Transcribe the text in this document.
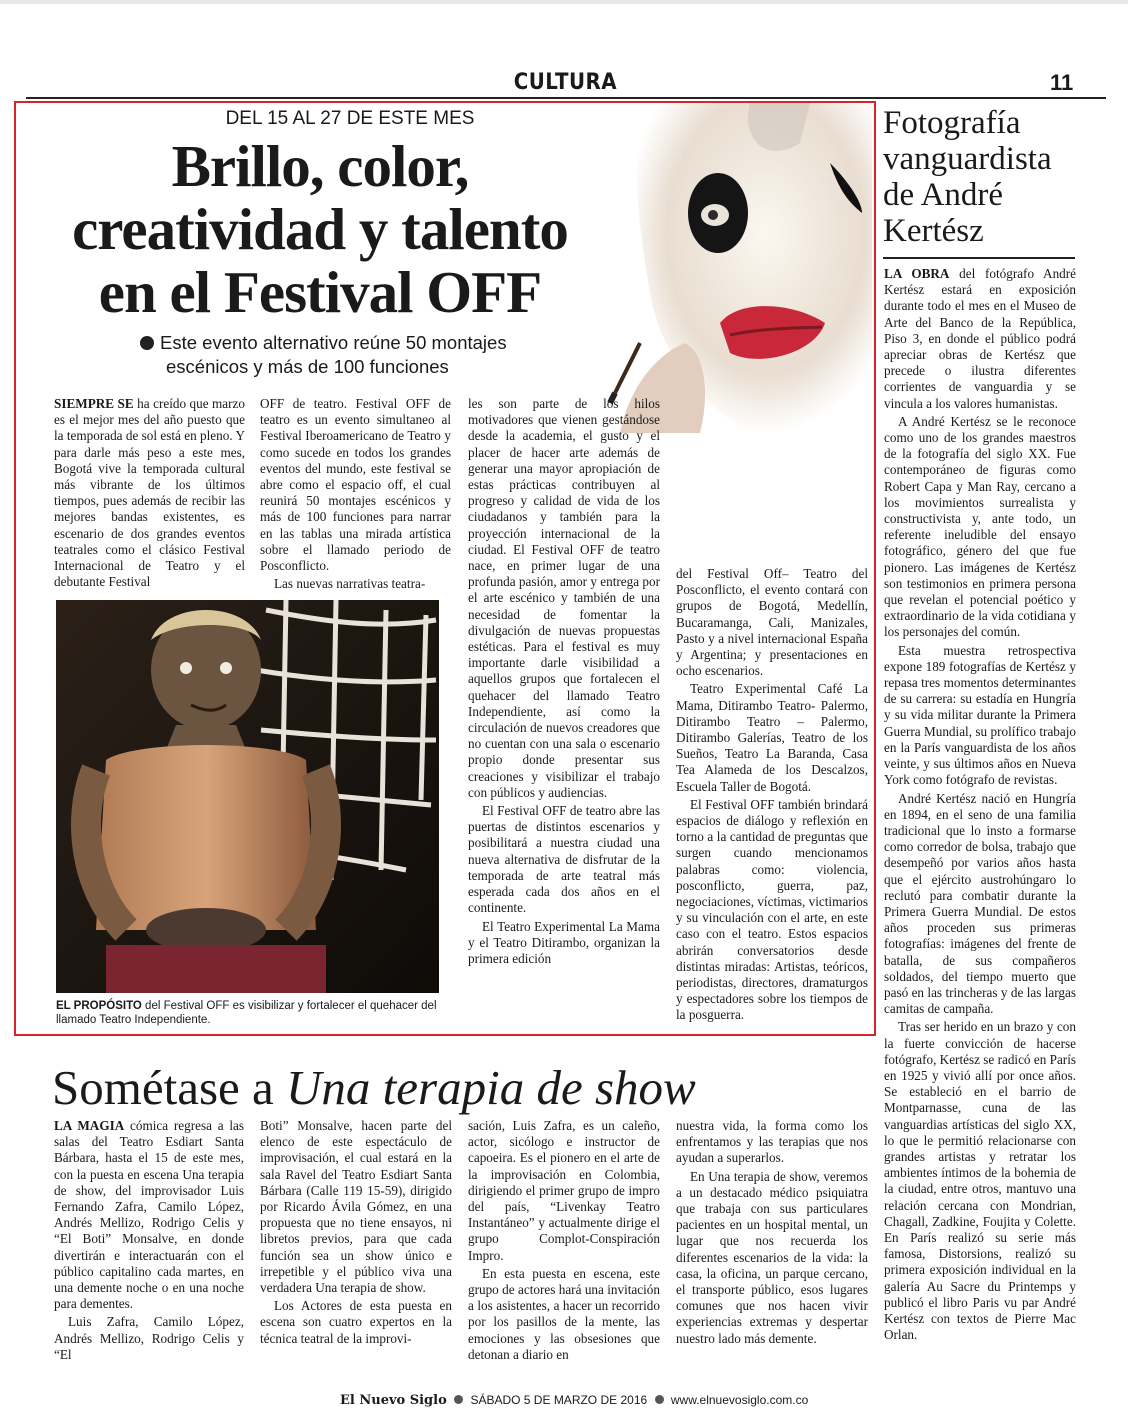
CULTURA	11
DEL 15 AL 27 DE ESTE MES
Brillo, color,
creatividad y talento
en el Festival OFF
Este evento alternativo reúne 50 montajes
escénicos y más de 100 funciones

SIEMPRE SE ha creído que marzo es el mejor mes del año puesto que la temporada de sol está en pleno. Y para darle más peso a este mes, Bogotá vive la temporada cultural más vibrante de los últimos tiempos, pues además de recibir las mejores bandas existentes, es escenario de dos grandes eventos teatrales como el clásico Festival Internacional de Teatro y el debutante Festival

OFF de teatro. Festival OFF de teatro es un evento simultaneo al Festival Iberoamericano de Teatro y como sucede en todos los grandes eventos del mundo, este festival se abre como el espacio off, el cual reunirá 50 montajes escénicos y más de 100 funciones para narrar en las tablas una mirada artística sobre el llamado periodo de Posconflicto.

Las nuevas narrativas teatra-

les son parte de los hilos motivadores que vienen gestándose desde la academia, el gusto y el placer de hacer arte además de generar una mayor apropiación de estas prácticas contribuyen al progreso y calidad de vida de los ciudadanos y también para la proyección internacional de la ciudad. El Festival OFF de teatro nace, en primer lugar de una profunda pasión, amor y entrega por el arte escénico y también de una necesidad de fomentar la divulgación de nuevas propuestas estéticas. Para el festival es muy importante darle visibilidad a aquellos grupos que fortalecen el quehacer del llamado Teatro Independiente, así como la circulación de nuevos creadores que no cuentan con una sala o escenario propio donde presentar sus creaciones y visibilizar el trabajo con públicos y audiencias.

El Festival OFF de teatro abre las puertas de distintos escenarios y posibilitará a nuestra ciudad una nueva alternativa de disfrutar de la temporada de arte teatral más esperada cada dos años en el continente.

El Teatro Experimental La Mama y el Teatro Ditirambo, organizan la primera edición

del Festival Off– Teatro del Posconflicto, el evento contará con grupos de Bogotá, Medellín, Bucaramanga, Cali, Manizales, Pasto y a nivel internacional España y Argentina; y presentaciones en ocho escenarios.

Teatro Experimental Café La Mama, Ditirambo Teatro- Palermo, Ditirambo Teatro – Palermo, Ditirambo Galerías, Teatro de los Sueños, Teatro La Baranda, Casa Tea Alameda de los Descalzos, Escuela Taller de Bogotá.

El Festival OFF también brindará espacios de diálogo y reflexión en torno a la cantidad de preguntas que surgen cuando mencionamos palabras como: violencia, posconflicto, guerra, paz, negociaciones, víctimas, victimarios y su vinculación con el arte, en este caso con el teatro. Estos espacios abrirán conversatorios desde distintas miradas: Artistas, teóricos, periodistas, directores, dramaturgos y espectadores sobre los tiempos de la posguerra.

EL PROPÓSITO del Festival OFF es visibilizar y fortalecer el quehacer del llamado Teatro Independiente.
Fotografía
vanguardista
de André
Kertész

LA OBRA del fotógrafo André Kertész estará en exposición durante todo el mes en el Museo de Arte del Banco de la República, Piso 3, en donde el público podrá apreciar obras de Kertész que precede o ilustra diferentes corrientes de vanguardia y se vincula a los valores humanistas.

A André Kertész se le reconoce como uno de los grandes maestros de la fotografía del siglo XX. Fue contemporáneo de figuras como Robert Capa y Man Ray, cercano a los movimientos surrealista y constructivista y, ante todo, un referente ineludible del ensayo fotográfico, género del que fue pionero. Las imágenes de Kertész son testimonios en primera persona que revelan el potencial poético y extraordinario de la vida cotidiana y los personajes del común.

Esta muestra retrospectiva expone 189 fotografías de Kertész y repasa tres momentos determinantes de su carrera: su estadía en Hungría y su vida militar durante la Primera Guerra Mundial, su prolífico trabajo en la París vanguardista de los años veinte, y sus últimos años en Nueva York como fotógrafo de revistas.

André Kertész nació en Hungría en 1894, en el seno de una familia tradicional que lo insto a formarse como corredor de bolsa, trabajo que desempeñó por varios años hasta que el ejército austrohúngaro lo reclutó para combatir durante la Primera Guerra Mundial. De estos años proceden sus primeras fotografías: imágenes del frente de batalla, de sus compañeros soldados, del tiempo muerto que pasó en las trincheras y de las largas camitas de campaña.

Tras ser herido en un brazo y con la fuerte convicción de hacerse fotógrafo, Kertész se radicó en París en 1925 y vivió allí por once años. Se estableció en el barrio de Montparnasse, cuna de las vanguardias artísticas del siglo XX, lo que le permitió relacionarse con grandes artistas y retratar los ambientes íntimos de la bohemia de la ciudad, entre otros, mantuvo una relación cercana con Mondrian, Chagall, Zadkine, Foujita y Colette. En París realizó su serie más famosa, Distorsions, realizó su primera exposición individual en la galería Au Sacre du Printemps y publicó el libro Paris vu par André Kertész con textos de Pierre Mac Orlan.

Sométase a Una terapia de show

LA MAGIA cómica regresa a las salas del Teatro Esdiart Santa Bárbara, hasta el 15 de este mes, con la puesta en escena Una terapia de show, del improvisador Luis Fernando Zafra, Camilo López, Andrés Mellizo, Rodrigo Celis y “El Boti” Monsalve, en donde divertirán e interactuarán con el público capitalino cada martes, en una demente noche o en una noche para dementes.

Luis Zafra, Camilo López, Andrés Mellizo, Rodrigo Celis y “El

Boti” Monsalve, hacen parte del elenco de este espectáculo de improvisación, el cual estará en la sala Ravel del Teatro Esdiart Santa Bárbara (Calle 119 15-59), dirigido por Ricardo Ávila Gómez, en una propuesta que no tiene ensayos, ni libretos previos, para que cada función sea un show único e irrepetible y el público viva una verdadera Una terapia de show.

Los Actores de esta puesta en escena son cuatro expertos en la técnica teatral de la improvi-

sación, Luis Zafra, es un caleño, actor, sicólogo e instructor de capoeira. Es el pionero en el arte de la improvisación en Colombia, dirigiendo el primer grupo de impro del país, “Livenkay Teatro Instantáneo” y actualmente dirige el grupo Complot-Conspiración Impro.

En esta puesta en escena, este grupo de actores hará una invitación a los asistentes, a hacer un recorrido por los pasillos de la mente, las emociones y las obsesiones que detonan a diario en

nuestra vida, la forma como los enfrentamos y las terapias que nos ayudan a superarlos.

En Una terapia de show, veremos a un destacado médico psiquiatra que trabaja con sus particulares pacientes en un hospital mental, un lugar que nos recuerda los diferentes escenarios de la vida: la casa, la oficina, un parque cercano, el transporte público, esos lugares comunes que nos hacen vivir experiencias extremas y despertar nuestro lado más demente.

El Nuevo Siglo SÁBADO 5 DE MARZO DE 2016 www.elnuevosiglo.com.co
